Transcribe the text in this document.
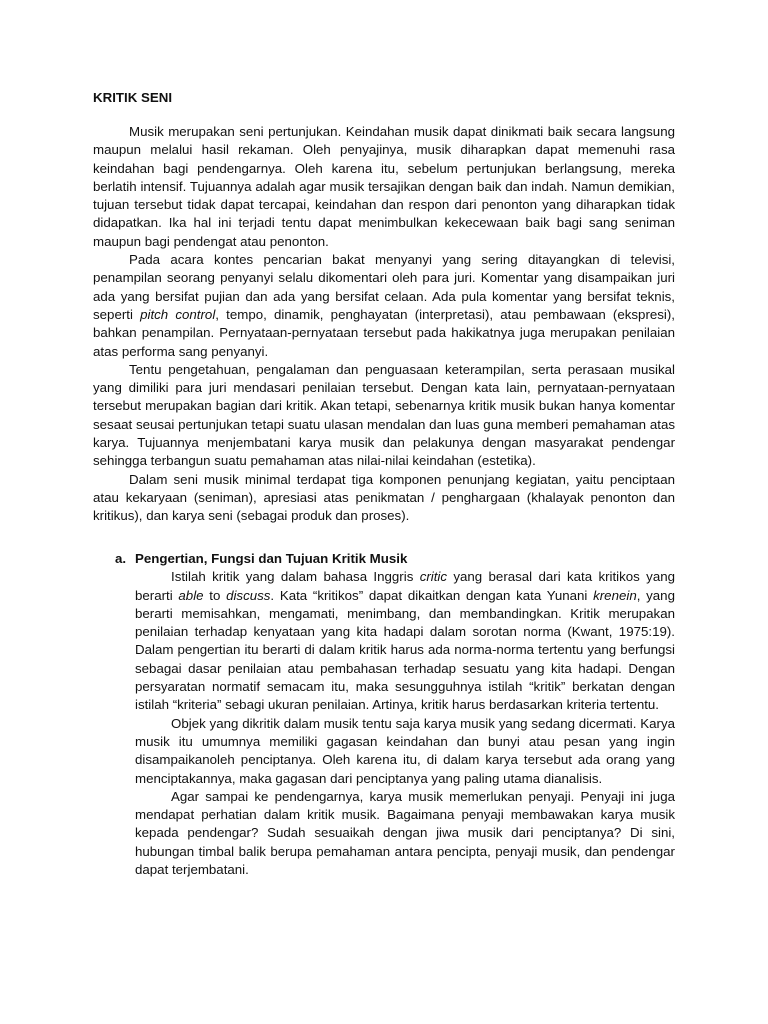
KRITIK SENI

Musik merupakan seni pertunjukan. Keindahan musik dapat dinikmati baik secara langsung maupun melalui hasil rekaman. Oleh penyajinya, musik diharapkan dapat memenuhi rasa keindahan bagi pendengarnya. Oleh karena itu, sebelum pertunjukan berlangsung, mereka berlatih intensif. Tujuannya adalah agar musik tersajikan dengan baik dan indah. Namun demikian, tujuan tersebut tidak dapat tercapai, keindahan dan respon dari penonton yang diharapkan tidak didapatkan. Ika hal ini terjadi tentu dapat menimbulkan kekecewaan baik bagi sang seniman maupun bagi pendengat atau penonton.

Pada acara kontes pencarian bakat menyanyi yang sering ditayangkan di televisi, penampilan seorang penyanyi selalu dikomentari oleh para juri. Komentar yang disampaikan juri ada yang bersifat pujian dan ada yang bersifat celaan. Ada pula komentar yang bersifat teknis, seperti pitch control, tempo, dinamik, penghayatan (interpretasi), atau pembawaan (ekspresi), bahkan penampilan. Pernyataan-pernyataan tersebut pada hakikatnya juga merupakan penilaian atas performa sang penyanyi.

Tentu pengetahuan, pengalaman dan penguasaan keterampilan, serta perasaan musikal yang dimiliki para juri mendasari penilaian tersebut. Dengan kata lain, pernyataan-pernyataan tersebut merupakan bagian dari kritik. Akan tetapi, sebenarnya kritik musik bukan hanya komentar sesaat seusai pertunjukan tetapi suatu ulasan mendalan dan luas guna memberi pemahaman atas karya. Tujuannya menjembatani karya musik dan pelakunya dengan masyarakat pendengar sehingga terbangun suatu pemahaman atas nilai-nilai keindahan (estetika).

Dalam seni musik minimal terdapat tiga komponen penunjang kegiatan, yaitu penciptaan atau kekaryaan (seniman), apresiasi atas penikmatan / penghargaan (khalayak penonton dan kritikus), dan karya seni (sebagai produk dan proses).

a. Pengertian, Fungsi dan Tujuan Kritik Musik

Istilah kritik yang dalam bahasa Inggris critic yang berasal dari kata kritikos yang berarti able to discuss. Kata “kritikos” dapat dikaitkan dengan kata Yunani krenein, yang berarti memisahkan, mengamati, menimbang, dan membandingkan. Kritik merupakan penilaian terhadap kenyataan yang kita hadapi dalam sorotan norma (Kwant, 1975:19). Dalam pengertian itu berarti di dalam kritik harus ada norma-norma tertentu yang berfungsi sebagai dasar penilaian atau pembahasan terhadap sesuatu yang kita hadapi. Dengan persyaratan normatif semacam itu, maka sesungguhnya istilah “kritik” berkatan dengan istilah “kriteria” sebagi ukuran penilaian. Artinya, kritik harus berdasarkan kriteria tertentu.

Objek yang dikritik dalam musik tentu saja karya musik yang sedang dicermati. Karya musik itu umumnya memiliki gagasan keindahan dan bunyi atau pesan yang ingin disampaikanoleh penciptanya. Oleh karena itu, di dalam karya tersebut ada orang yang menciptakannya, maka gagasan dari penciptanya yang paling utama dianalisis.

Agar sampai ke pendengarnya, karya musik memerlukan penyaji. Penyaji ini juga mendapat perhatian dalam kritik musik. Bagaimana penyaji membawakan karya musik kepada pendengar? Sudah sesuaikah dengan jiwa musik dari penciptanya? Di sini, hubungan timbal balik berupa pemahaman antara pencipta, penyaji musik, dan pendengar dapat terjembatani.
